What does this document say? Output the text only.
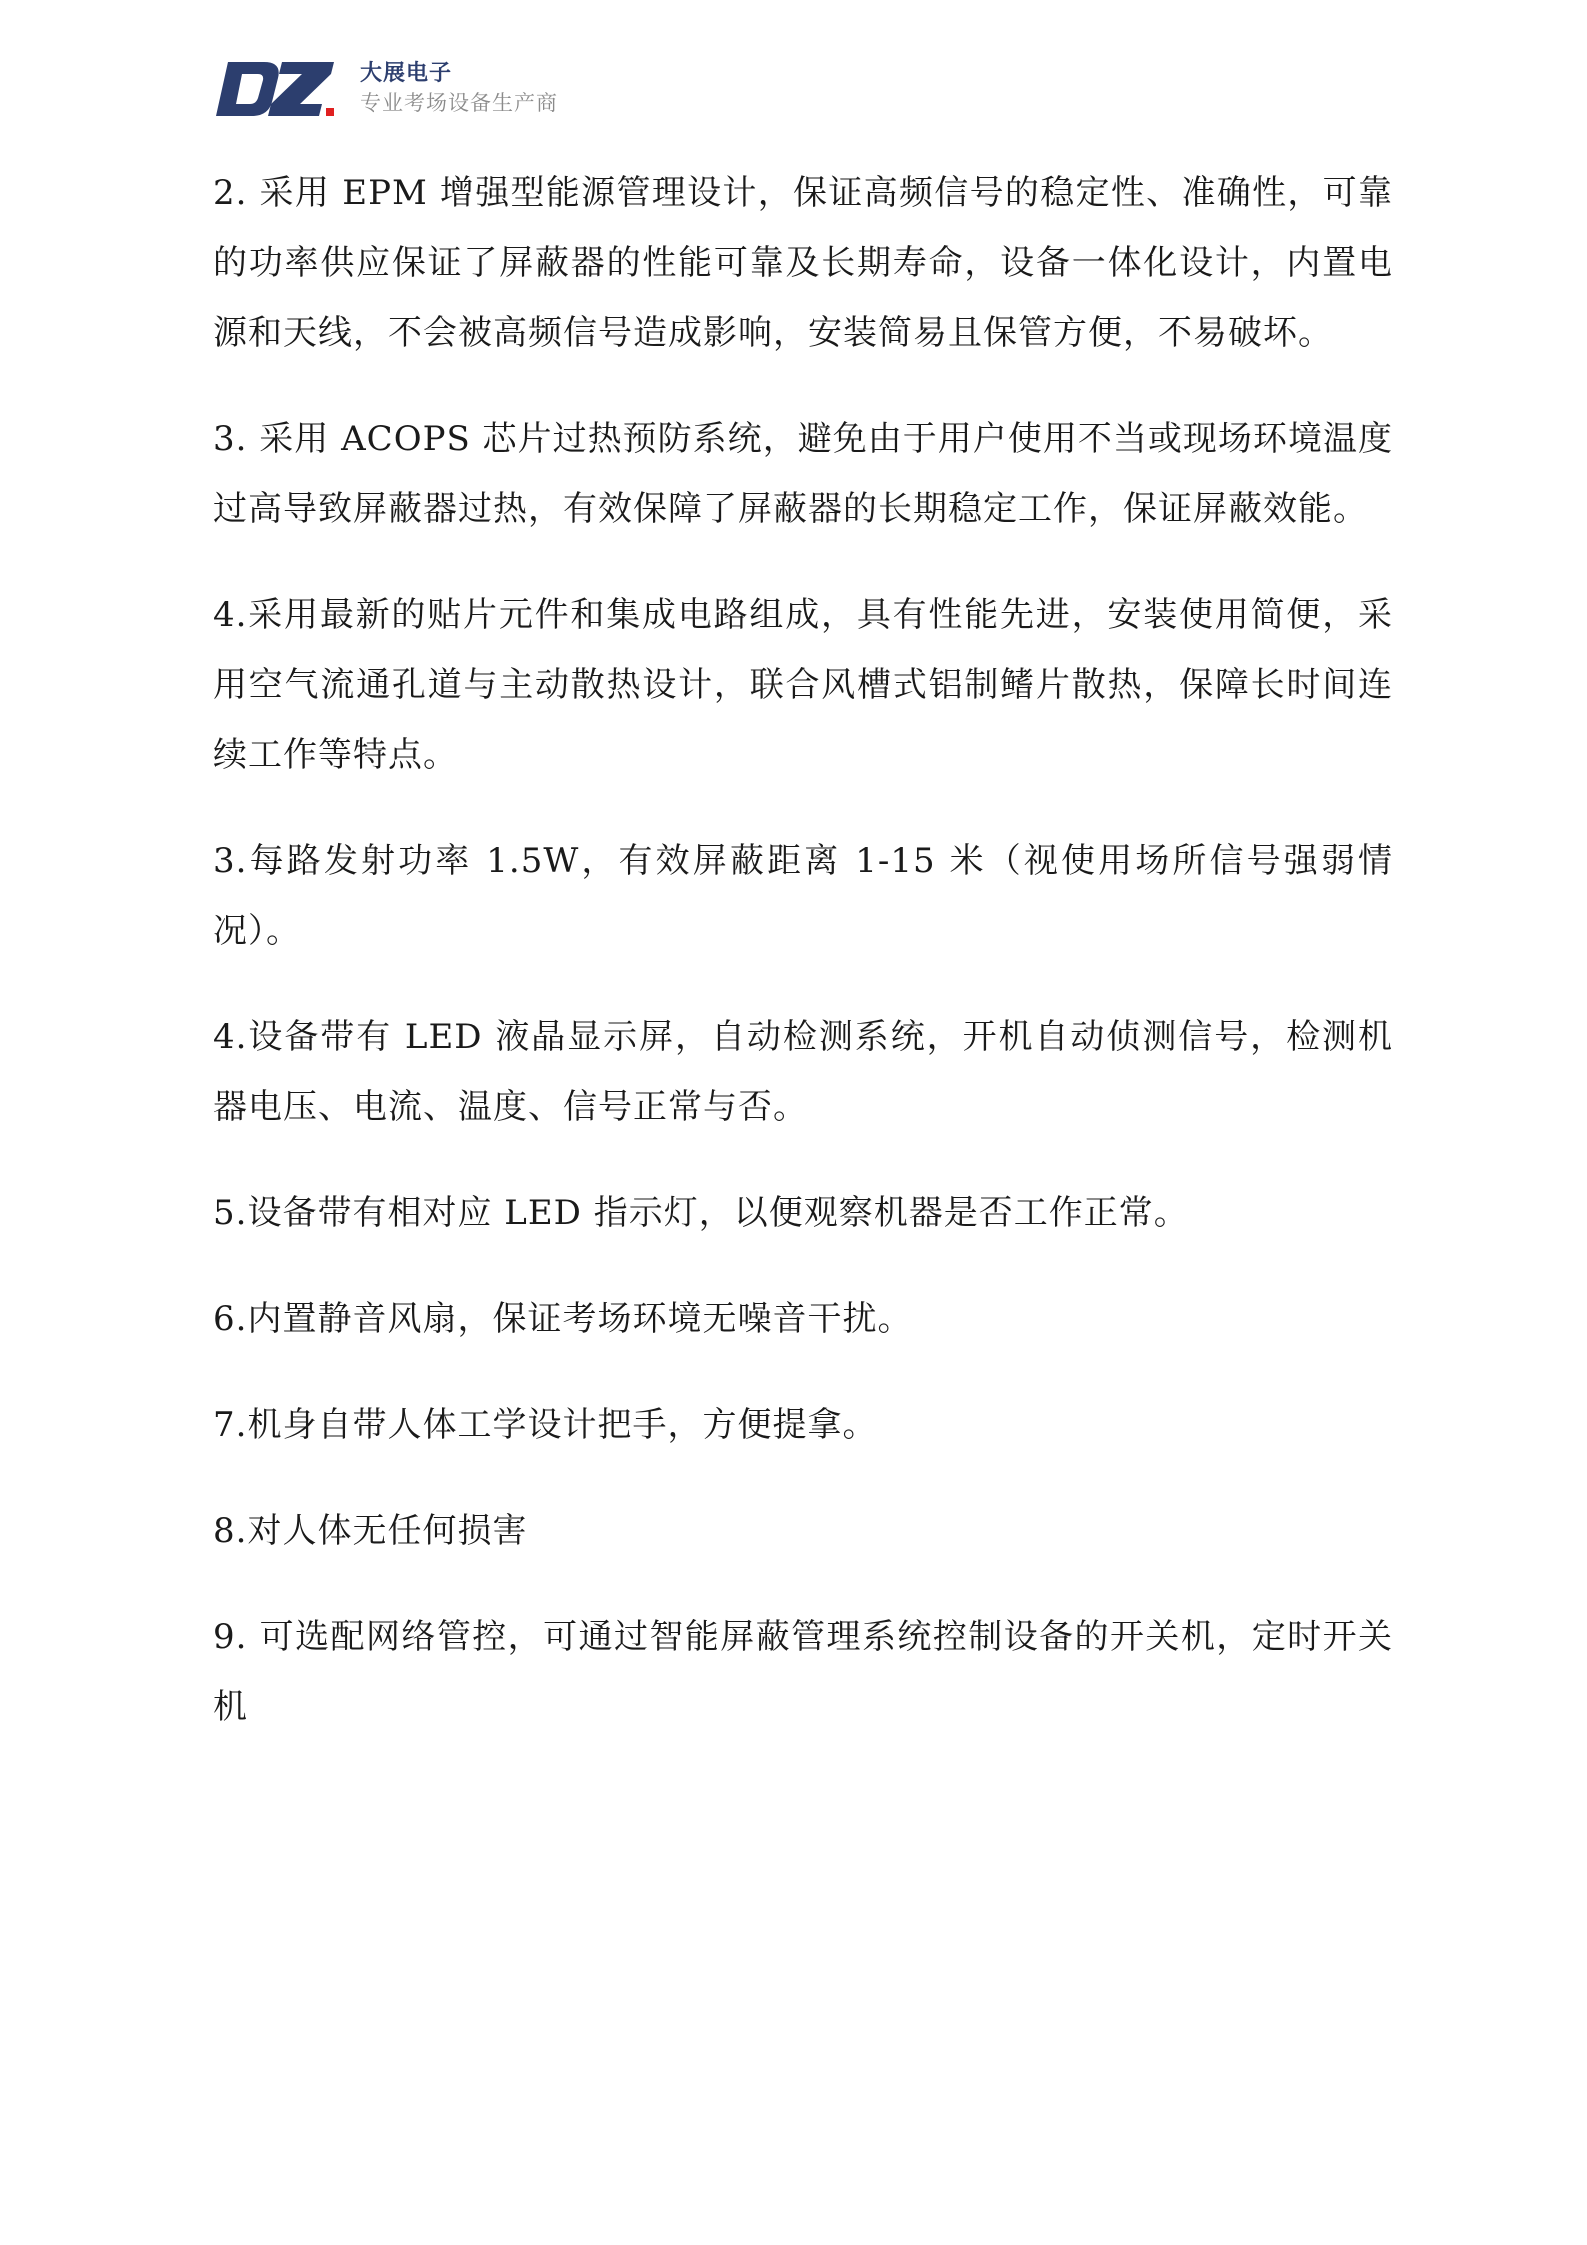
大展电子
专业考场设备生产商

2. 采用 EPM 增强型能源管理设计，保证高频信号的稳定性、准确性，可靠的功率供应保证了屏蔽器的性能可靠及长期寿命，设备一体化设计，内置电源和天线，不会被高频信号造成影响，安装简易且保管方便，不易破坏。

3. 采用 ACOPS 芯片过热预防系统，避免由于用户使用不当或现场环境温度过高导致屏蔽器过热，有效保障了屏蔽器的长期稳定工作，保证屏蔽效能。

4.采用最新的贴片元件和集成电路组成，具有性能先进，安装使用简便，采用空气流通孔道与主动散热设计，联合风槽式铝制鳍片散热，保障长时间连续工作等特点。

3.每路发射功率 1.5W，有效屏蔽距离 1-15 米（视使用场所信号强弱情况）。

4.设备带有 LED 液晶显示屏，自动检测系统，开机自动侦测信号，检测机器电压、电流、温度、信号正常与否。

5.设备带有相对应 LED 指示灯，以便观察机器是否工作正常。

6.内置静音风扇，保证考场环境无噪音干扰。

7.机身自带人体工学设计把手，方便提拿。

8.对人体无任何损害

9. 可选配网络管控，可通过智能屏蔽管理系统控制设备的开关机，定时开关机
